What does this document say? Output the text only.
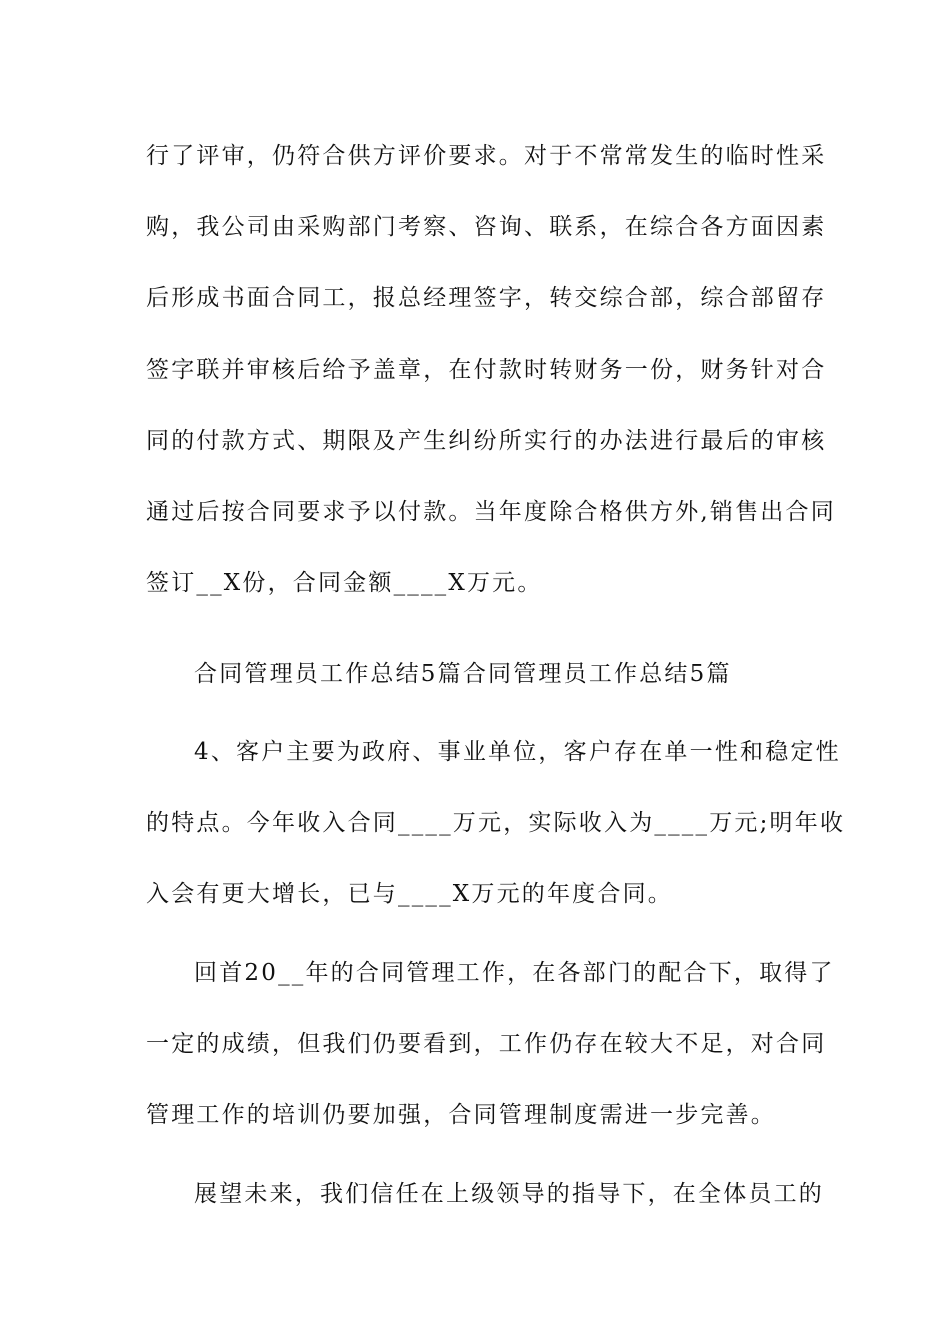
行了评审，仍符合供方评价要求。对于不常常发生的临时性采
购，我公司由采购部门考察、咨询、联系，在综合各方面因素
后形成书面合同工，报总经理签字，转交综合部，综合部留存
签字联并审核后给予盖章，在付款时转财务一份，财务针对合
同的付款方式、期限及产生纠纷所实行的办法进行最后的审核
通过后按合同要求予以付款。当年度除合格供方外,销售出合同
签订__X份，合同金额____X万元。
合同管理员工作总结5篇合同管理员工作总结5篇
4、客户主要为政府、事业单位，客户存在单一性和稳定性
的特点。今年收入合同____万元，实际收入为____万元;明年收
入会有更大增长，已与____X万元的年度合同。
回首20__年的合同管理工作，在各部门的配合下，取得了
一定的成绩，但我们仍要看到，工作仍存在较大不足，对合同
管理工作的培训仍要加强，合同管理制度需进一步完善。
展望未来，我们信任在上级领导的指导下，在全体员工的
